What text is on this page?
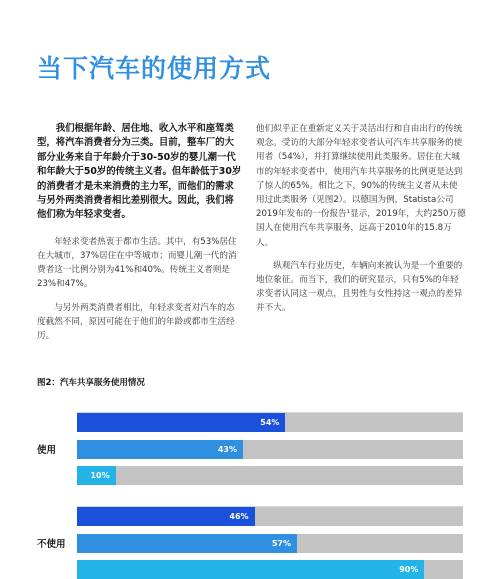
当下汽车的使用方式

我们根据年龄、居住地、收入水平和座驾类型，将汽车消费者分为三类。目前，整车厂的大部分业务来自于年龄介于30-50岁的婴儿潮一代和年龄大于50岁的传统主义者。但年龄低于30岁的消费者才是未来消费的主力军，而他们的需求与另外两类消费者相比差别很大。因此，我们将他们称为年轻求变者。

年轻求变者热衷于都市生活。其中，有53%居住在大城市，37%居住在中等城市；而婴儿潮一代的消费者这一比例分别为41%和40%。传统主义者则是23%和47%。

与另外两类消费者相比，年轻求变者对汽车的态度截然不同，原因可能在于他们的年龄或都市生活经历。

他们似乎正在重新定义关于灵活出行和自由出行的传统观念。受访的大部分年轻求变者认可汽车共享服务的使用者（54%），并打算继续使用此类服务。居住在大城市的年轻求变者中，使用汽车共享服务的比例更是达到了惊人的65%。相比之下，90%的传统主义者从未使用过此类服务（见图2）。以德国为例，Statista公司2019年发布的一份报告¹显示，2019年，大约250万德国人在使用汽车共享服务，远高于2010年的15.8万人。

纵观汽车行业历史，车辆向来被认为是一个重要的地位象征。而当下，我们的研究显示，只有5%的年轻求变者认同这一观点，且男性与女性持这一观点的差异并不大。

图2：汽车共享服务使用情况
54%
43%
10%
使用
46%
57%
90%
不使用
